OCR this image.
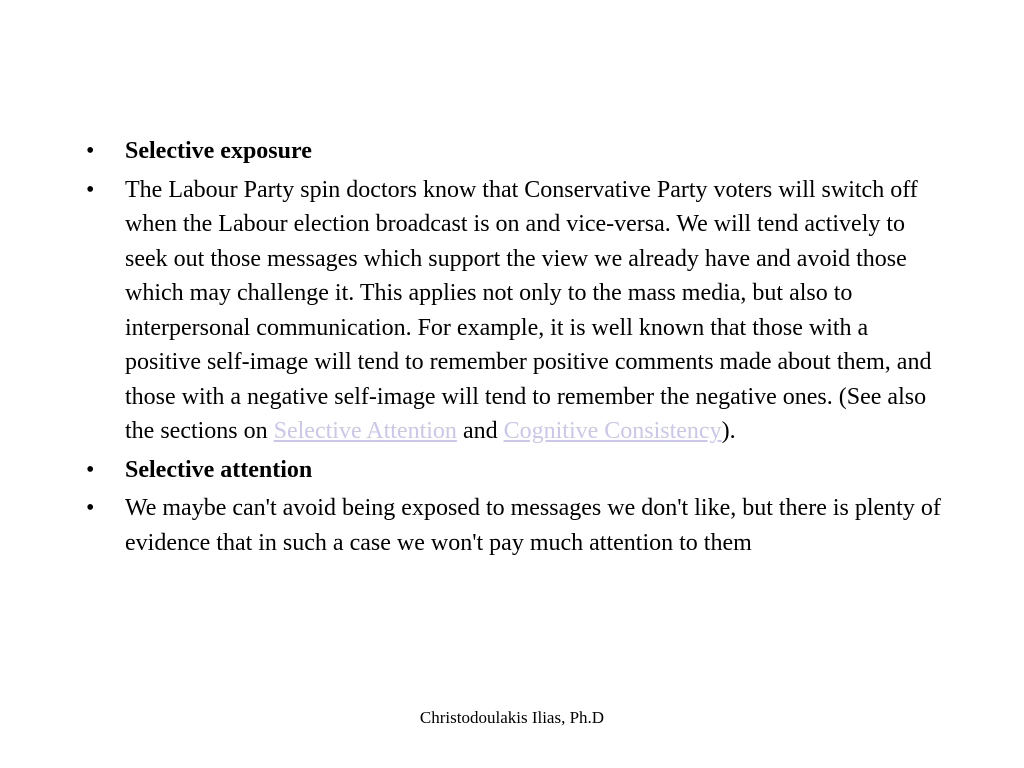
•	Selective exposure
•	The Labour Party spin doctors know that Conservative Party voters will switch off when the Labour election broadcast is on and vice-versa. We will tend actively to seek out those messages which support the view we already have and avoid those which may challenge it. This applies not only to the mass media, but also to interpersonal communication. For example, it is well known that those with a positive self-image will tend to remember positive comments made about them, and those with a negative self-image will tend to remember the negative ones. (See also the sections on Selective Attention and Cognitive Consistency).
•	Selective attention
•	We maybe can't avoid being exposed to messages we don't like, but there is plenty of evidence that in such a case we won't pay much attention to them
Christodoulakis Ilias, Ph.D
